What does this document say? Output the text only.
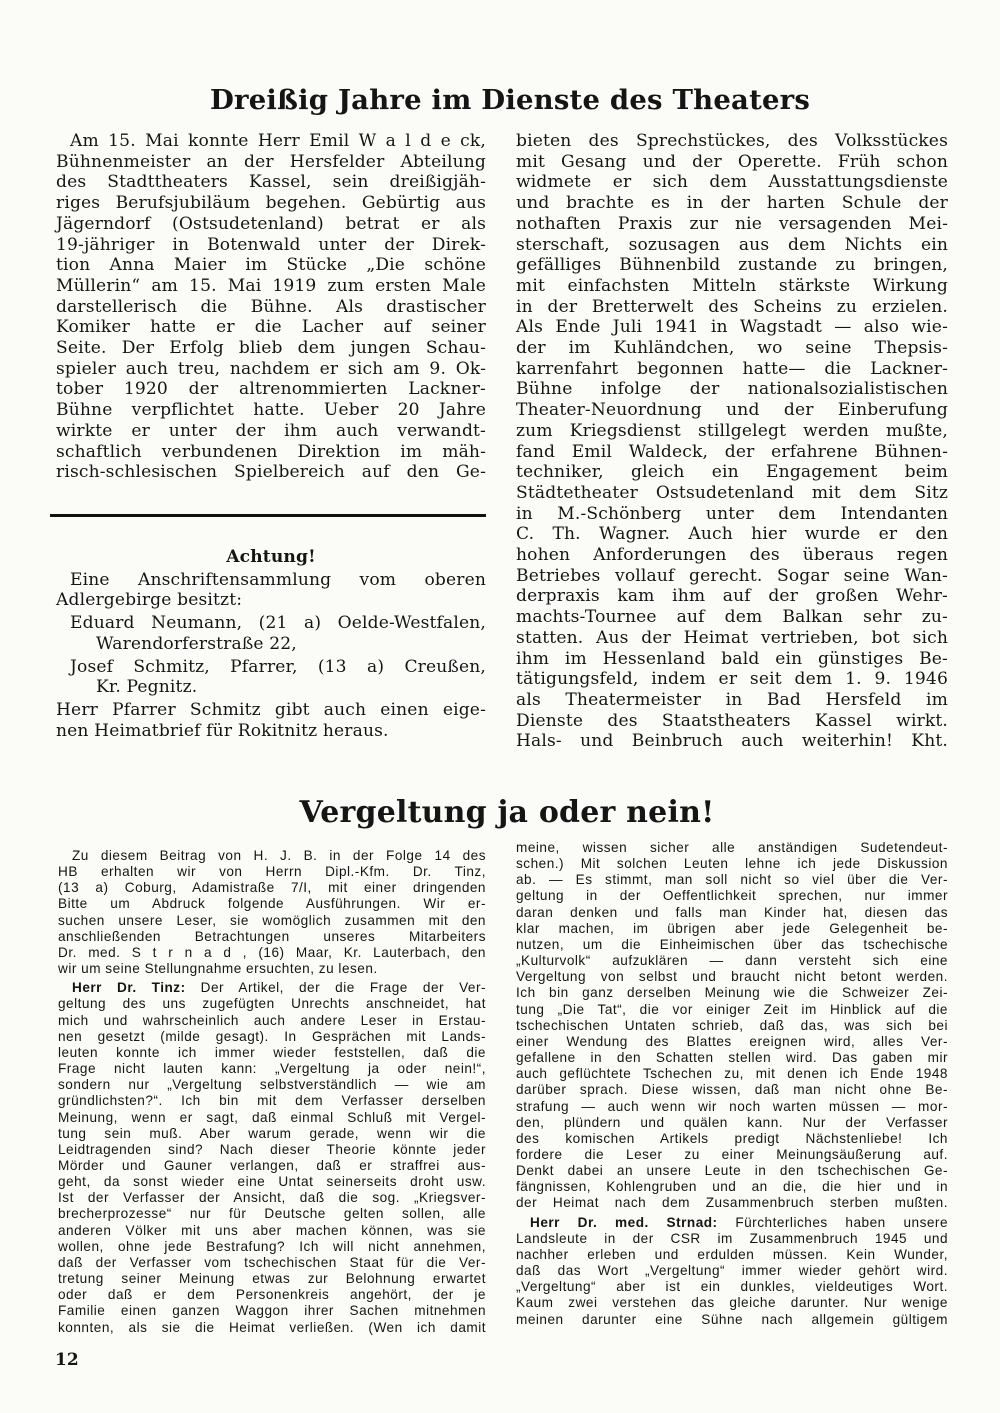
Dreißig Jahre im Dienste des Theaters
Am 15. Mai konnte Herr Emil W a l d e ck,
Bühnenmeister an der Hersfelder Abteilung
des Stadttheaters Kassel, sein dreißigjäh-
riges Berufsjubiläum begehen. Gebürtig aus
Jägerndorf (Ostsudetenland) betrat er als
19-jähriger in Botenwald unter der Direk-
tion Anna Maier im Stücke „Die schöne
Müllerin“ am 15. Mai 1919 zum ersten Male
darstellerisch die Bühne. Als drastischer
Komiker hatte er die Lacher auf seiner
Seite. Der Erfolg blieb dem jungen Schau-
spieler auch treu, nachdem er sich am 9. Ok-
tober 1920 der altrenommierten Lackner-
Bühne verpflichtet hatte. Ueber 20 Jahre
wirkte er unter der ihm auch verwandt-
schaftlich verbundenen Direktion im mäh-
risch-schlesischen Spielbereich auf den Ge-
bieten des Sprechstückes, des Volksstückes
mit Gesang und der Operette. Früh schon
widmete er sich dem Ausstattungsdienste
und brachte es in der harten Schule der
nothaften Praxis zur nie versagenden Mei-
sterschaft, sozusagen aus dem Nichts ein
gefälliges Bühnenbild zustande zu bringen,
mit einfachsten Mitteln stärkste Wirkung
in der Bretterwelt des Scheins zu erzielen.
Als Ende Juli 1941 in Wagstadt — also wie-
der im Kuhländchen, wo seine Thepsis-
karrenfahrt begonnen hatte— die Lackner-
Bühne infolge der nationalsozialistischen
Theater-Neuordnung und der Einberufung
zum Kriegsdienst stillgelegt werden mußte,
fand Emil Waldeck, der erfahrene Bühnen-
techniker, gleich ein Engagement beim
Städtetheater Ostsudetenland mit dem Sitz
in M.-Schönberg unter dem Intendanten
C. Th. Wagner. Auch hier wurde er den
hohen Anforderungen des überaus regen
Betriebes vollauf gerecht. Sogar seine Wan-
derpraxis kam ihm auf der großen Wehr-
machts-Tournee auf dem Balkan sehr zu-
statten. Aus der Heimat vertrieben, bot sich
ihm im Hessenland bald ein günstiges Be-
tätigungsfeld, indem er seit dem 1. 9. 1946
als Theatermeister in Bad Hersfeld im
Dienste des Staatstheaters Kassel wirkt.
Hals- und Beinbruch auch weiterhin! Kht.
Achtung!
Eine Anschriftensammlung vom oberen
Adlergebirge besitzt:
Eduard Neumann, (21 a) Oelde-Westfalen,
Warendorferstraße 22,
Josef Schmitz, Pfarrer, (13 a) Creußen,
Kr. Pegnitz.
Herr Pfarrer Schmitz gibt auch einen eige-
nen Heimatbrief für Rokitnitz heraus.
Vergeltung ja oder nein!
Zu diesem Beitrag von H. J. B. in der Folge 14 des
HB erhalten wir von Herrn Dipl.-Kfm. Dr. Tinz,
(13 a) Coburg, Adamistraße 7/I, mit einer dringenden
Bitte um Abdruck folgende Ausführungen. Wir er-
suchen unsere Leser, sie womöglich zusammen mit den
anschließenden Betrachtungen unseres Mitarbeiters
Dr. med. S t r n a d , (16) Maar, Kr. Lauterbach, den
wir um seine Stellungnahme ersuchten, zu lesen.
Herr Dr. Tinz: Der Artikel, der die Frage der Ver-
geltung des uns zugefügten Unrechts anschneidet, hat
mich und wahrscheinlich auch andere Leser in Erstau-
nen gesetzt (milde gesagt). In Gesprächen mit Lands-
leuten konnte ich immer wieder feststellen, daß die
Frage nicht lauten kann: „Vergeltung ja oder nein!“,
sondern nur „Vergeltung selbstverständlich — wie am
gründlichsten?“. Ich bin mit dem Verfasser derselben
Meinung, wenn er sagt, daß einmal Schluß mit Vergel-
tung sein muß. Aber warum gerade, wenn wir die
Leidtragenden sind? Nach dieser Theorie könnte jeder
Mörder und Gauner verlangen, daß er straffrei aus-
geht, da sonst wieder eine Untat seinerseits droht usw.
Ist der Verfasser der Ansicht, daß die sog. „Kriegsver-
brecherprozesse“ nur für Deutsche gelten sollen, alle
anderen Völker mit uns aber machen können, was sie
wollen, ohne jede Bestrafung? Ich will nicht annehmen,
daß der Verfasser vom tschechischen Staat für die Ver-
tretung seiner Meinung etwas zur Belohnung erwartet
oder daß er dem Personenkreis angehört, der je
Familie einen ganzen Waggon ihrer Sachen mitnehmen
konnten, als sie die Heimat verließen. (Wen ich damit
meine, wissen sicher alle anständigen Sudetendeut-
schen.) Mit solchen Leuten lehne ich jede Diskussion
ab. — Es stimmt, man soll nicht so viel über die Ver-
geltung in der Oeffentlichkeit sprechen, nur immer
daran denken und falls man Kinder hat, diesen das
klar machen, im übrigen aber jede Gelegenheit be-
nutzen, um die Einheimischen über das tschechische
„Kulturvolk“ aufzuklären — dann versteht sich eine
Vergeltung von selbst und braucht nicht betont werden.
Ich bin ganz derselben Meinung wie die Schweizer Zei-
tung „Die Tat“, die vor einiger Zeit im Hinblick auf die
tschechischen Untaten schrieb, daß das, was sich bei
einer Wendung des Blattes ereignen wird, alles Ver-
gefallene in den Schatten stellen wird. Das gaben mir
auch geflüchtete Tschechen zu, mit denen ich Ende 1948
darüber sprach. Diese wissen, daß man nicht ohne Be-
strafung — auch wenn wir noch warten müssen — mor-
den, plündern und quälen kann. Nur der Verfasser
des komischen Artikels predigt Nächstenliebe! Ich
fordere die Leser zu einer Meinungsäußerung auf.
Denkt dabei an unsere Leute in den tschechischen Ge-
fängnissen, Kohlengruben und an die, die hier und in
der Heimat nach dem Zusammenbruch sterben mußten.
Herr Dr. med. Strnad: Fürchterliches haben unsere
Landsleute in der CSR im Zusammenbruch 1945 und
nachher erleben und erdulden müssen. Kein Wunder,
daß das Wort „Vergeltung“ immer wieder gehört wird.
„Vergeltung“ aber ist ein dunkles, vieldeutiges Wort.
Kaum zwei verstehen das gleiche darunter. Nur wenige
meinen darunter eine Sühne nach allgemein gültigem
12
